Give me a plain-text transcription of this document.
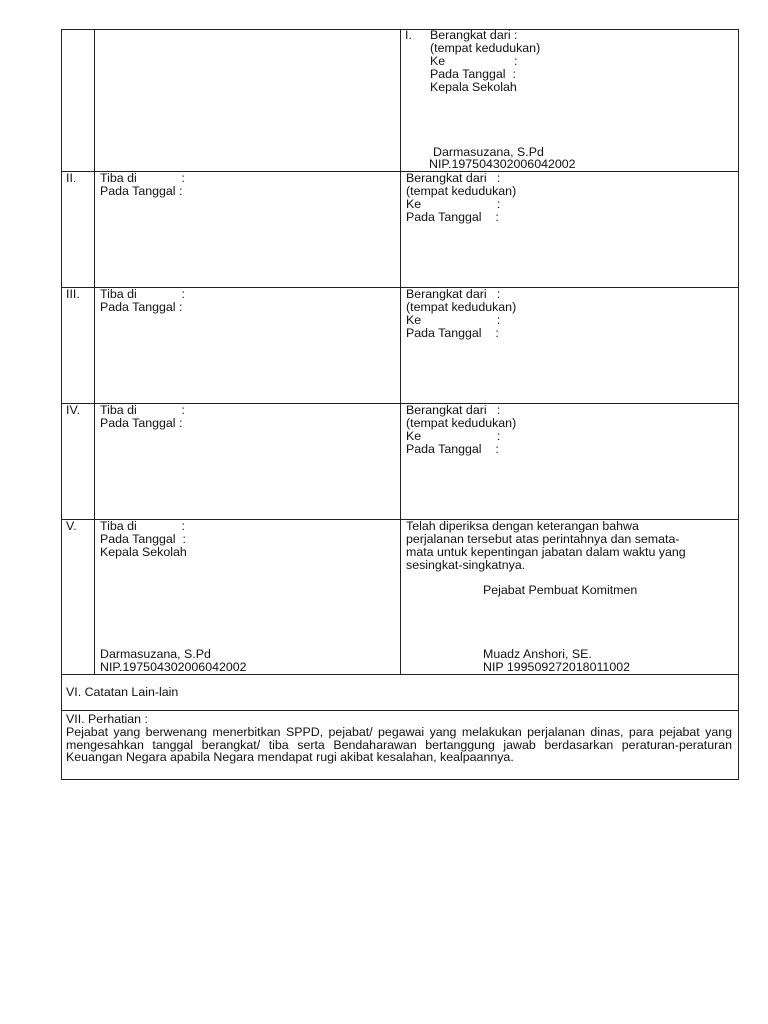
I. Berangkat dari :
(tempat kedudukan)
Ke                    :
Pada Tanggal  :
Kepala Sekolah
Darmasuzana, S.Pd
NIP.197504302006042002
II. Tiba di             :
Pada Tanggal :
Berangkat dari   :
(tempat kedudukan)
Ke                      :
Pada Tanggal    :
III. Tiba di             :
Pada Tanggal :
Berangkat dari   :
(tempat kedudukan)
Ke                      :
Pada Tanggal    :
IV. Tiba di             :
Pada Tanggal :
Berangkat dari   :
(tempat kedudukan)
Ke                      :
Pada Tanggal    :
V. Tiba di             :
Pada Tanggal  :
Kepala Sekolah
Darmasuzana, S.Pd
NIP.197504302006042002
Telah diperiksa dengan keterangan bahwa
perjalanan tersebut atas perintahnya dan semata-
mata untuk kepentingan jabatan dalam waktu yang
sesingkat-singkatnya.
Pejabat Pembuat Komitmen
Muadz Anshori, SE.
NIP 199509272018011002
VI. Catatan Lain-lain
VII. Perhatian :
Pejabat yang berwenang menerbitkan SPPD, pejabat/ pegawai yang melakukan perjalanan dinas, para pejabat yang mengesahkan tanggal berangkat/ tiba serta Bendaharawan bertanggung jawab berdasarkan peraturan-peraturan Keuangan Negara apabila Negara mendapat rugi akibat kesalahan, kealpaannya.
